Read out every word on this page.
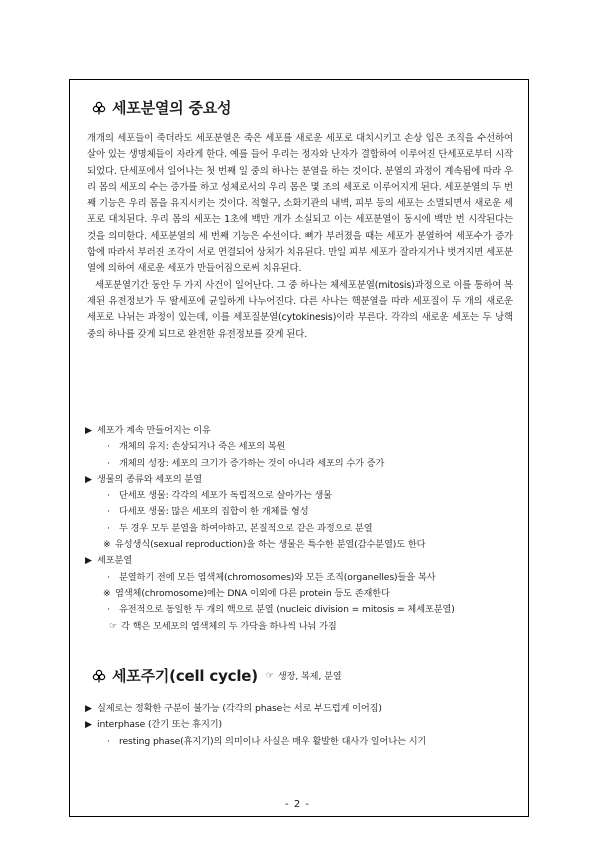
세포분열의 중요성

개개의 세포들이 죽더라도 세포분열은 죽은 세포를 새로운 세포로 대치시키고 손상 입은 조직을 수선하여 살아 있는 생명체들이 자라게 한다. 예를 들어 우리는 정자와 난자가 결합하여 이루어진 단세포로부터 시작되었다. 단세포에서 일어나는 첫 번째 일 중의 하나는 분열을 하는 것이다. 분열의 과정이 계속됨에 따라 우리 몸의 세포의 수는 증가를 하고 성체로서의 우리 몸은 몇 조의 세포로 이루어지게 된다. 세포분열의 두 번째 기능은 우리 몸을 유지시키는 것이다. 적혈구, 소화기관의 내벽, 피부 등의 세포는 소멸되면서 새로운 세포로 대치된다. 우리 몸의 세포는 1초에 백만 개가 소실되고 이는 세포분열이 동시에 백만 번 시작된다는 것을 의미한다. 세포분열의 세 번째 기능은 수선이다. 뼈가 부러졌을 때는 세포가 분열하여 세포수가 증가함에 따라서 부러진 조각이 서로 연결되어 상처가 치유된다. 만일 피부 세포가 잘라지거나 벗겨지면 세포분열에 의하여 새로운 세포가 만들어짐으로써 치유된다.

세포분열기간 동안 두 가지 사건이 일어난다. 그 중 하나는 체세포분열(mitosis)과정으로 이를 통하여 복제된 유전정보가 두 딸세포에 균일하게 나누어진다. 다른 사나는 핵분열을 따라 세포질이 두 개의 새로운 세포로 나뉘는 과정이 있는데, 이를 세포질분열(cytokinesis)이라 부른다. 각각의 새로운 세포는 두 낭핵 중의 하나를 갖게 되므로 완전한 유전정보를 갖게 된다.

▶ 세포가 계속 만들어지는 이유
· 개체의 유지: 손상되거나 죽은 세포의 복원
· 개체의 성장: 세포의 크기가 증가하는 것이 아니라 세포의 수가 증가
▶ 생물의 종류와 세포의 분열
· 단세포 생물: 각각의 세포가 독립적으로 살아가는 생물
· 다세포 생물: 많은 세포의 집합이 한 개체를 형성
· 두 경우 모두 분열을 하여야하고, 본질적으로 같은 과정으로 분열
※ 유성생식(sexual reproduction)을 하는 생물은 특수한 분열(감수분열)도 한다
▶ 세포분열
· 분열하기 전에 모든 염색체(chromosomes)와 모든 조직(organelles)들을 복사
※ 염색체(chromosome)에는 DNA 이외에 다른 protein 등도 존재한다
· 유전적으로 동일한 두 개의 핵으로 분열 (nucleic division = mitosis = 체세포분열)
☞ 각 핵은 모세포의 염색체의 두 가닥을 하나씩 나눠 가짐
세포주기(cell cycle) ☞ 생장, 복제, 분열
▶ 실제로는 정확한 구분이 불가능 (각각의 phase는 서로 부드럽게 이어짐)
▶ interphase (간기 또는 휴지기)
· resting phase(휴지기)의 의미이나 사실은 매우 활발한 대사가 일어나는 시기
- 2 -
